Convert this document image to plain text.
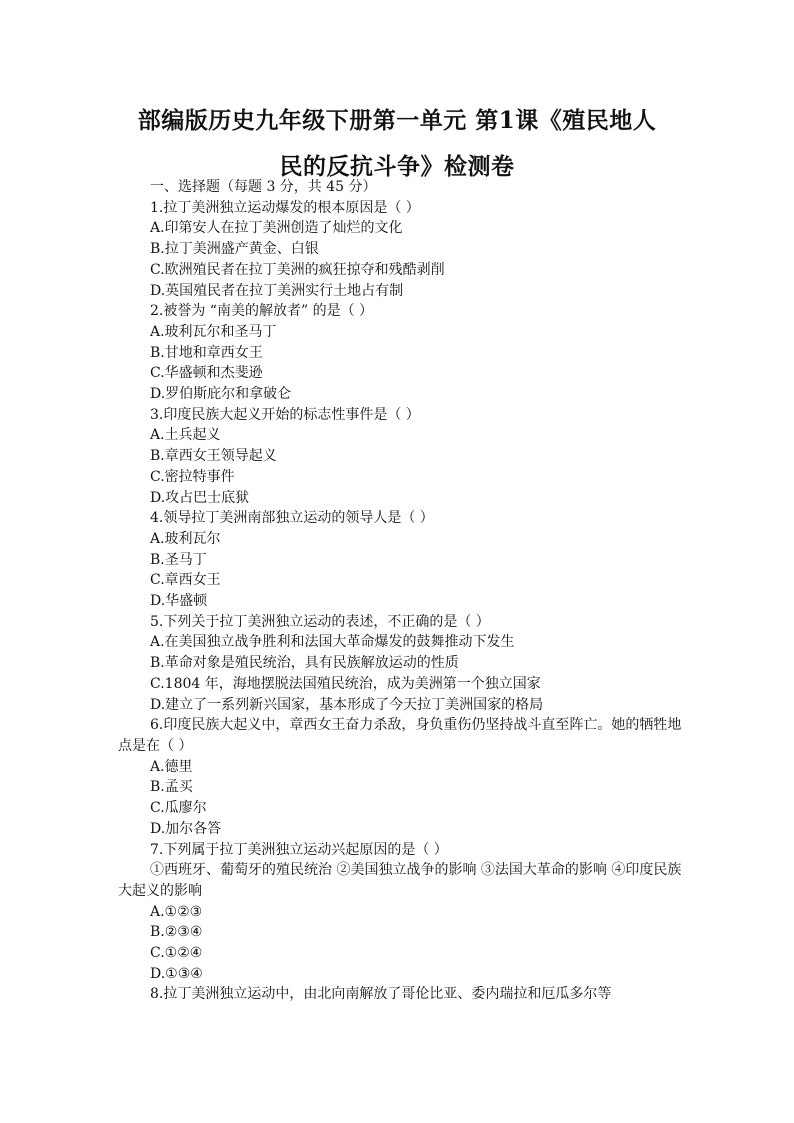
部编版历史九年级下册第一单元 第1课《殖民地人
民的反抗斗争》检测卷
一、选择题（每题 3 分，共 45 分）
1.拉丁美洲独立运动爆发的根本原因是（ ）
A.印第安人在拉丁美洲创造了灿烂的文化
B.拉丁美洲盛产黄金、白银
C.欧洲殖民者在拉丁美洲的疯狂掠夺和残酷剥削
D.英国殖民者在拉丁美洲实行土地占有制
2.被誉为 “南美的解放者” 的是（ ）
A.玻利瓦尔和圣马丁
B.甘地和章西女王
C.华盛顿和杰斐逊
D.罗伯斯庇尔和拿破仑
3.印度民族大起义开始的标志性事件是（ ）
A.土兵起义
B.章西女王领导起义
C.密拉特事件
D.攻占巴士底狱
4.领导拉丁美洲南部独立运动的领导人是（ ）
A.玻利瓦尔
B.圣马丁
C.章西女王
D.华盛顿
5.下列关于拉丁美洲独立运动的表述，不正确的是（ ）
A.在美国独立战争胜利和法国大革命爆发的鼓舞推动下发生
B.革命对象是殖民统治，具有民族解放运动的性质
C.1804 年，海地摆脱法国殖民统治，成为美洲第一个独立国家
D.建立了一系列新兴国家，基本形成了今天拉丁美洲国家的格局
6.印度民族大起义中，章西女王奋力杀敌，身负重伤仍坚持战斗直至阵亡。她的牺牲地点是在（ ）
A.德里
B.孟买
C.瓜廖尔
D.加尔各答
7.下列属于拉丁美洲独立运动兴起原因的是（ ）
①西班牙、葡萄牙的殖民统治 ②美国独立战争的影响 ③法国大革命的影响 ④印度民族大起义的影响
A.①②③
B.②③④
C.①②④
D.①③④
8.拉丁美洲独立运动中，由北向南解放了哥伦比亚、委内瑞拉和厄瓜多尔等
